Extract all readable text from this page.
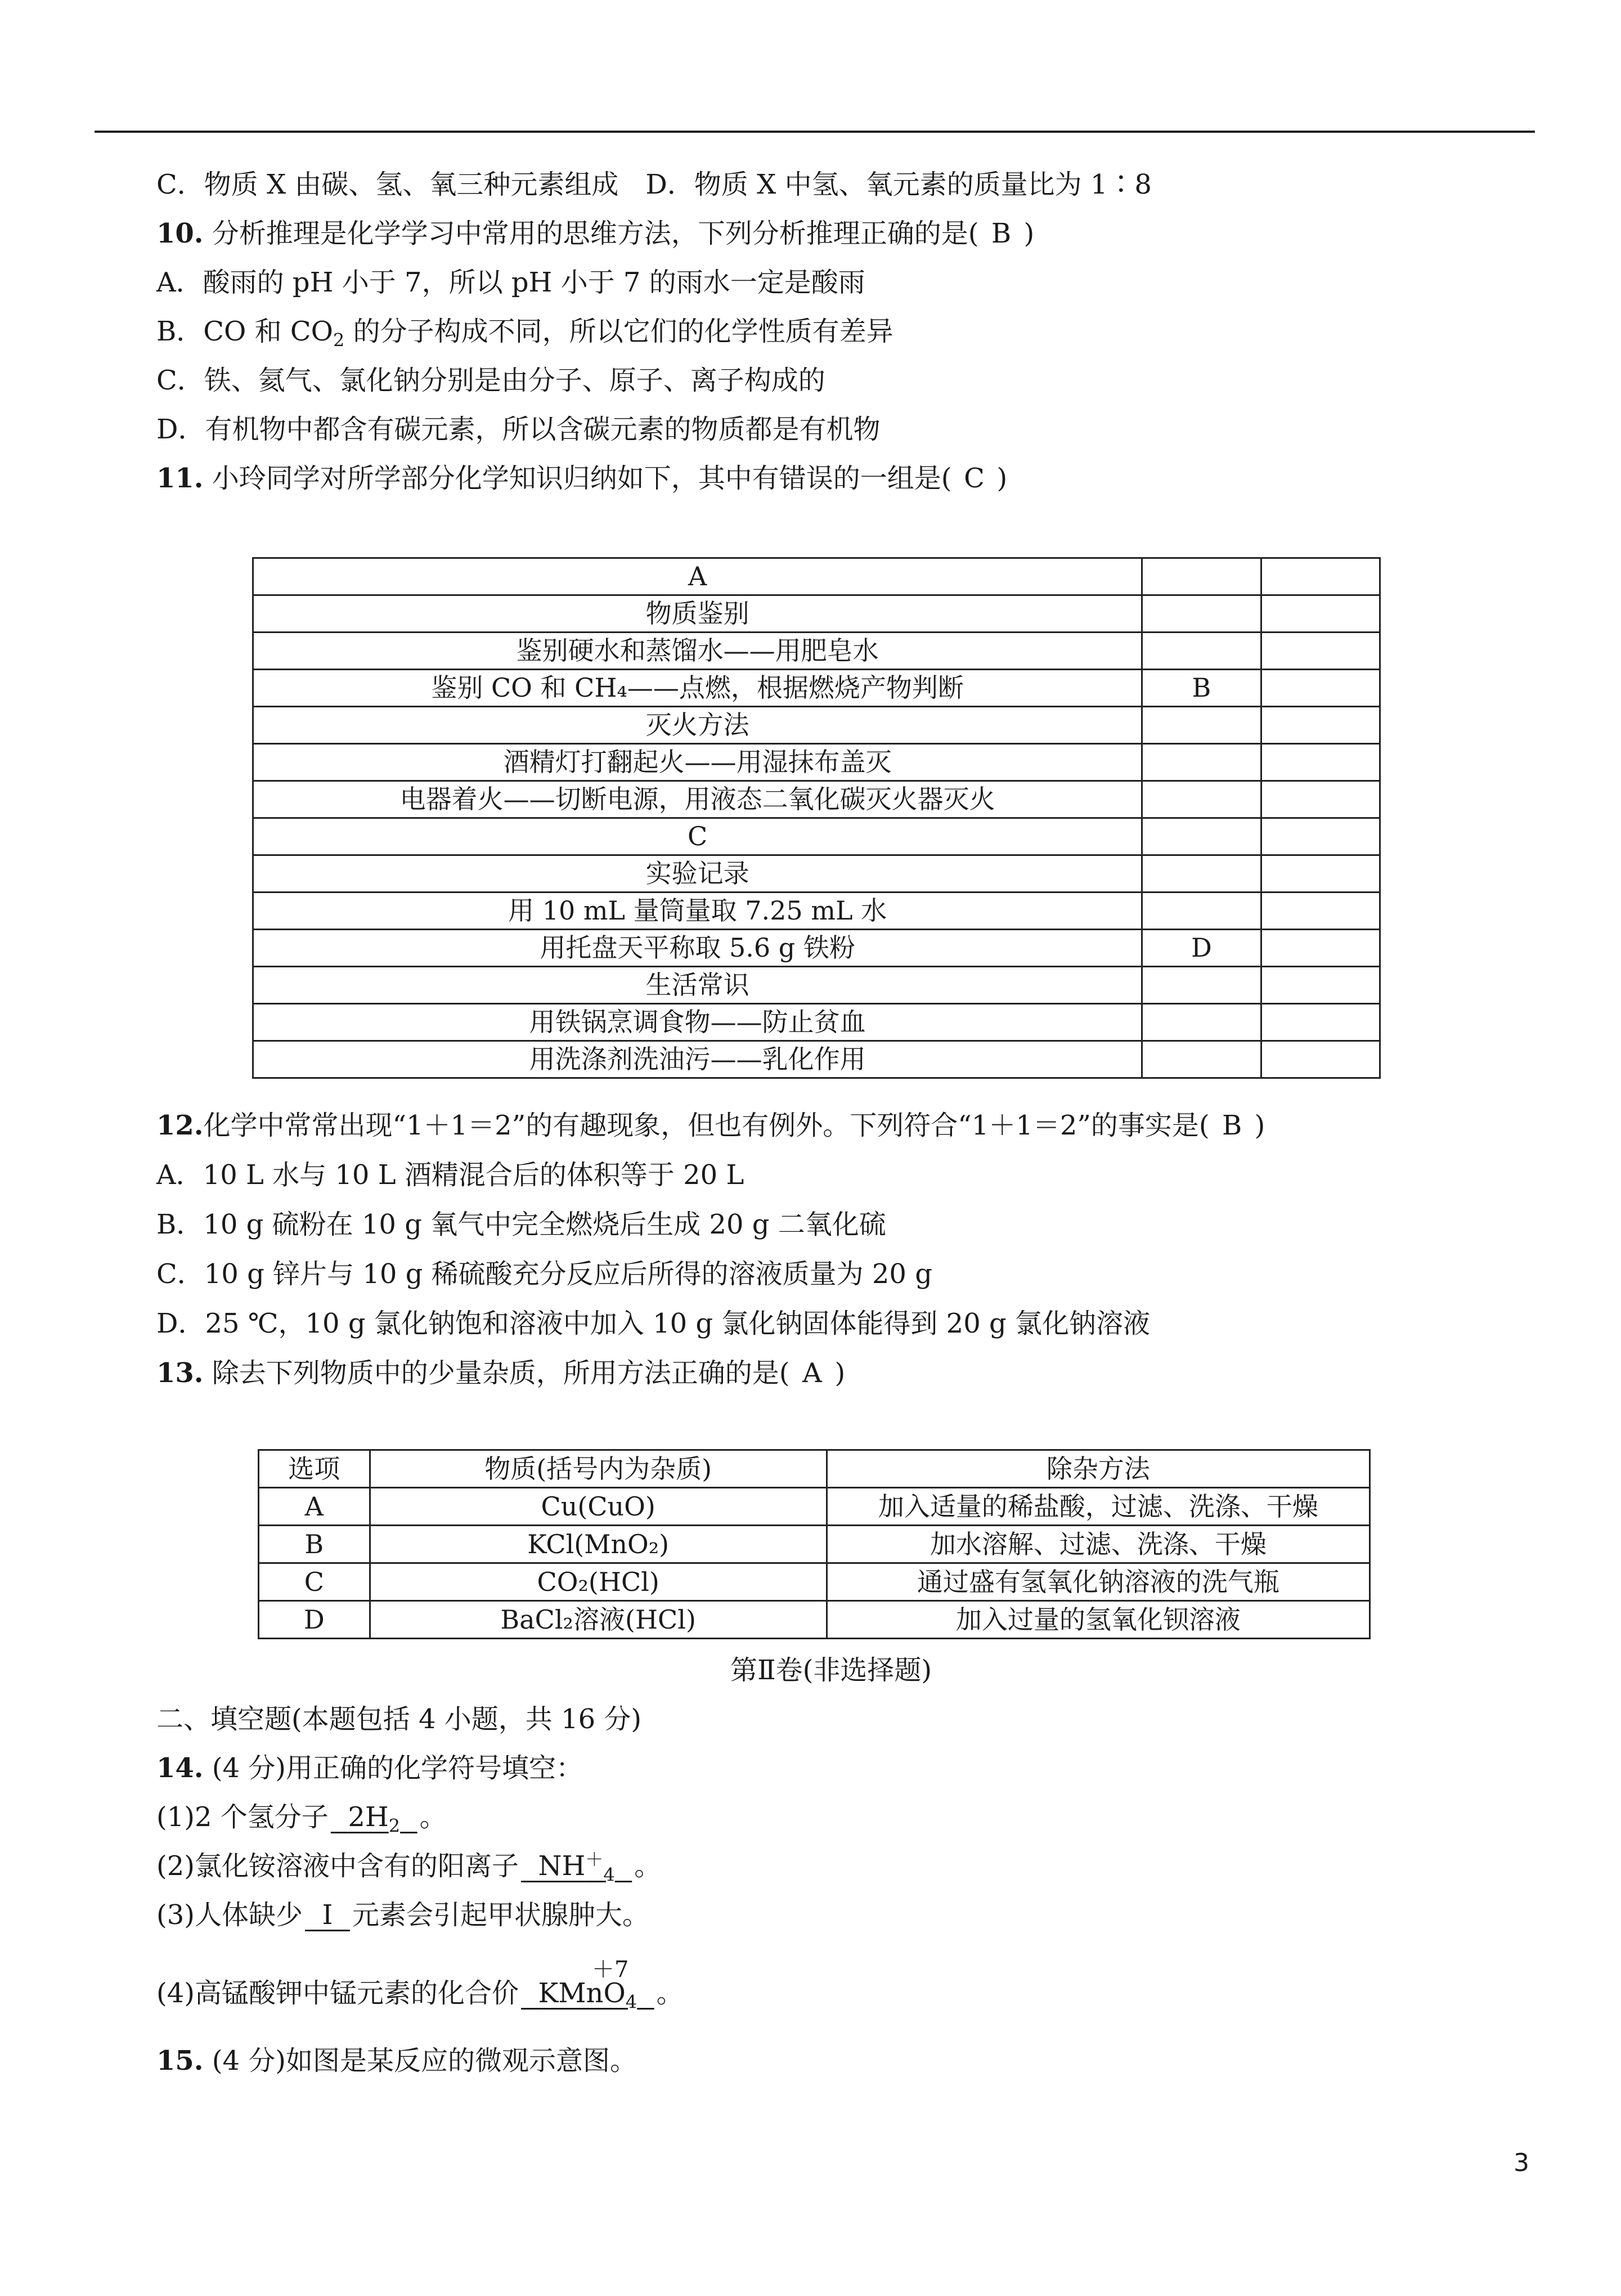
C．物质 X 由碳、氢、氧三种元素组成　D．物质 X 中氢、氧元素的质量比为 1∶8
10. 分析推理是化学学习中常用的思维方法，下列分析推理正确的是( B )
A．酸雨的 pH 小于 7，所以 pH 小于 7 的雨水一定是酸雨
B．CO 和 $CO_2$ 的分子构成不同，所以它们的化学性质有差异
C．铁、氦气、氯化钠分别是由分子、原子、离子构成的
D．有机物中都含有碳元素，所以含碳元素的物质都是有机物
11. 小玲同学对所学部分化学知识归纳如下，其中有错误的一组是( C )
A		
物质鉴别		
鉴别硬水和蒸馏水——用肥皂水		
鉴别 CO 和 CH₄——点燃，根据燃烧产物判断	B	
灭火方法		
酒精灯打翻起火——用湿抹布盖灭		
电器着火——切断电源，用液态二氧化碳灭火器灭火		
C		
实验记录		
用 10 mL 量筒量取 7.25 mL 水		
用托盘天平称取 5.6 g 铁粉	D	
生活常识		
用铁锅烹调食物——防止贫血		
用洗涤剂洗油污——乳化作用		
12.化学中常常出现“1＋1＝2”的有趣现象，但也有例外。下列符合“1＋1＝2”的事实是( B )
A．10 L 水与 10 L 酒精混合后的体积等于 20 L
B．10 g 硫粉在 10 g 氧气中完全燃烧后生成 20 g 二氧化硫
C．10 g 锌片与 10 g 稀硫酸充分反应后所得的溶液质量为 20 g
D．25 ℃，10 g 氯化钠饱和溶液中加入 10 g 氯化钠固体能得到 20 g 氯化钠溶液
13. 除去下列物质中的少量杂质，所用方法正确的是( A )
选项	物质(括号内为杂质)	除杂方法
A	Cu(CuO)	加入适量的稀盐酸，过滤、洗涤、干燥
B	KCl(MnO₂)	加水溶解、过滤、洗涤、干燥
C	CO₂(HCl)	通过盛有氢氧化钠溶液的洗气瓶
D	BaCl₂溶液(HCl)	加入过量的氢氧化钡溶液
第Ⅱ卷(非选择题)
二、填空题(本题包括 4 小题，共 16 分)
14. (4 分)用正确的化学符号填空：
(1)2 个氢分子 $2H_2$ 。
(2)氯化铵溶液中含有的阳离子 $NH^+_4$ 。
(3)人体缺少 I 元素会引起甲状腺肿大。
＋7
(4)高锰酸钾中锰元素的化合价 KMnO$_4$ 。
15. (4 分)如图是某反应的微观示意图。
3
